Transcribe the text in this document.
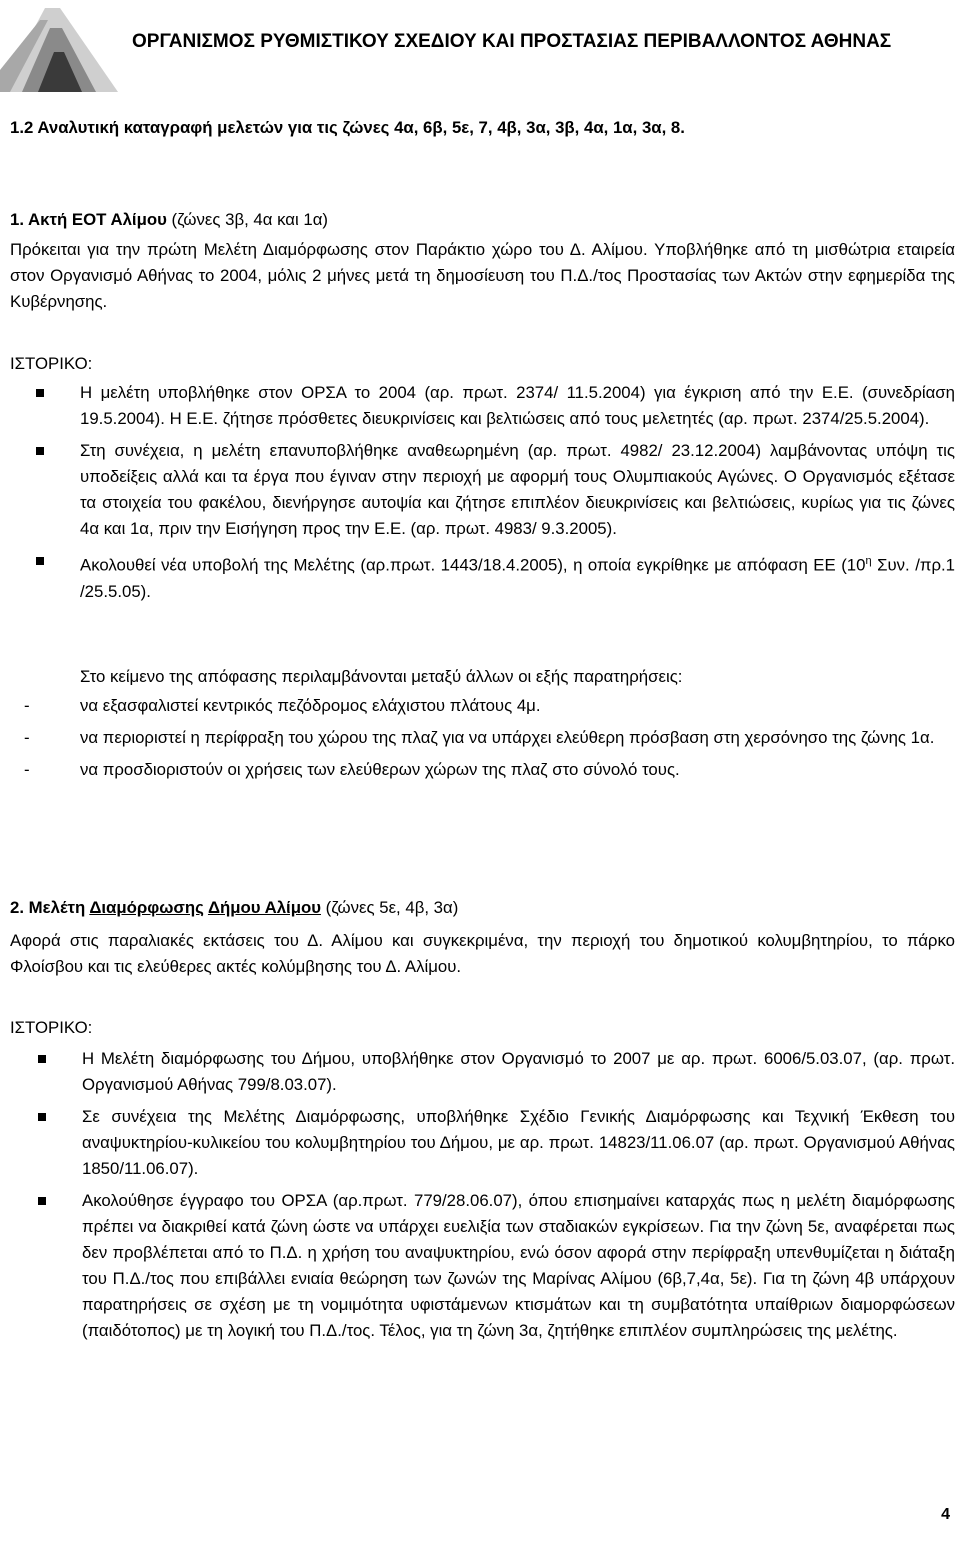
ΟΡΓΑΝΙΣΜΟΣ ΡΥΘΜΙΣΤΙΚΟΥ ΣΧΕΔΙΟΥ ΚΑΙ ΠΡΟΣΤΑΣΙΑΣ ΠΕΡΙΒΑΛΛΟΝΤΟΣ ΑΘΗΝΑΣ
1.2 Αναλυτική καταγραφή μελετών για τις ζώνες 4α, 6β, 5ε, 7, 4β, 3α, 3β, 4α, 1α, 3α, 8.
1. Ακτή ΕΟΤ Αλίμου (ζώνες 3β, 4α και 1α)
Πρόκειται για την πρώτη Μελέτη Διαμόρφωσης στον Παράκτιο χώρο του Δ. Αλίμου. Υποβλήθηκε από τη μισθώτρια εταιρεία στον Οργανισμό Αθήνας το 2004, μόλις 2 μήνες μετά τη δημοσίευση του Π.Δ./τος Προστασίας των Ακτών στην εφημερίδα της Κυβέρνησης.
ΙΣΤΟΡΙΚΟ:
Η μελέτη υποβλήθηκε στον ΟΡΣΑ το 2004 (αρ. πρωτ. 2374/ 11.5.2004) για έγκριση από την Ε.Ε. (συνεδρίαση 19.5.2004). Η Ε.Ε. ζήτησε πρόσθετες διευκρινίσεις και βελτιώσεις από τους μελετητές (αρ. πρωτ. 2374/25.5.2004).
Στη συνέχεια, η μελέτη επανυποβλήθηκε αναθεωρημένη (αρ. πρωτ. 4982/ 23.12.2004) λαμβάνοντας υπόψη τις υποδείξεις αλλά και τα έργα που έγιναν στην περιοχή με αφορμή τους Ολυμπιακούς Αγώνες. Ο Οργανισμός εξέτασε τα στοιχεία του φακέλου, διενήργησε αυτοψία και ζήτησε επιπλέον διευκρινίσεις και βελτιώσεις, κυρίως για τις ζώνες 4α και 1α, πριν την Εισήγηση προς την Ε.Ε. (αρ. πρωτ. 4983/ 9.3.2005).
Ακολουθεί νέα υποβολή της Μελέτης (αρ.πρωτ. 1443/18.4.2005), η οποία εγκρίθηκε με απόφαση ΕΕ ($10^\eta$ Συν. /πρ.1 /25.5.05).
Στο κείμενο της απόφασης περιλαμβάνονται μεταξύ άλλων οι εξής παρατηρήσεις:
-	να εξασφαλιστεί κεντρικός πεζόδρομος ελάχιστου πλάτους 4μ.
-	να περιοριστεί η περίφραξη του χώρου της πλαζ για να υπάρχει ελεύθερη πρόσβαση στη χερσόνησο της ζώνης 1α.
-	να προσδιοριστούν οι χρήσεις των ελεύθερων χώρων της πλαζ στο σύνολό τους.
2. Μελέτη Διαμόρφωσης Δήμου Αλίμου (ζώνες 5ε, 4β, 3α)
Αφορά στις παραλιακές εκτάσεις του Δ. Αλίμου και συγκεκριμένα, την περιοχή του δημοτικού κολυμβητηρίου, το πάρκο Φλοίσβου και τις ελεύθερες ακτές κολύμβησης του Δ. Αλίμου.
ΙΣΤΟΡΙΚΟ:
Η Μελέτη διαμόρφωσης του Δήμου, υποβλήθηκε στον Οργανισμό το 2007 με αρ. πρωτ. 6006/5.03.07, (αρ. πρωτ. Οργανισμού Αθήνας 799/8.03.07).
Σε συνέχεια της Μελέτης Διαμόρφωσης, υποβλήθηκε Σχέδιο Γενικής Διαμόρφωσης και Τεχνική Έκθεση του αναψυκτηρίου-κυλικείου του κολυμβητηρίου του Δήμου, με αρ. πρωτ. 14823/11.06.07 (αρ. πρωτ. Οργανισμού Αθήνας 1850/11.06.07).
Ακολούθησε έγγραφο του ΟΡΣΑ (αρ.πρωτ. 779/28.06.07), όπου επισημαίνει καταρχάς πως η μελέτη διαμόρφωσης πρέπει να διακριθεί κατά ζώνη ώστε να υπάρχει ευελιξία των σταδιακών εγκρίσεων. Για την ζώνη 5ε, αναφέρεται πως δεν προβλέπεται από το Π.Δ. η χρήση του αναψυκτηρίου, ενώ όσον αφορά στην περίφραξη υπενθυμίζεται η διάταξη του Π.Δ./τος που επιβάλλει ενιαία θεώρηση των ζωνών της Μαρίνας Αλίμου (6β,7,4α, 5ε). Για τη ζώνη 4β υπάρχουν παρατηρήσεις σε σχέση με τη νομιμότητα υφιστάμενων κτισμάτων και τη συμβατότητα υπαίθριων διαμορφώσεων (παιδότοπος) με τη λογική του Π.Δ./τος. Τέλος, για τη ζώνη 3α, ζητήθηκε επιπλέον συμπληρώσεις της μελέτης.
4
